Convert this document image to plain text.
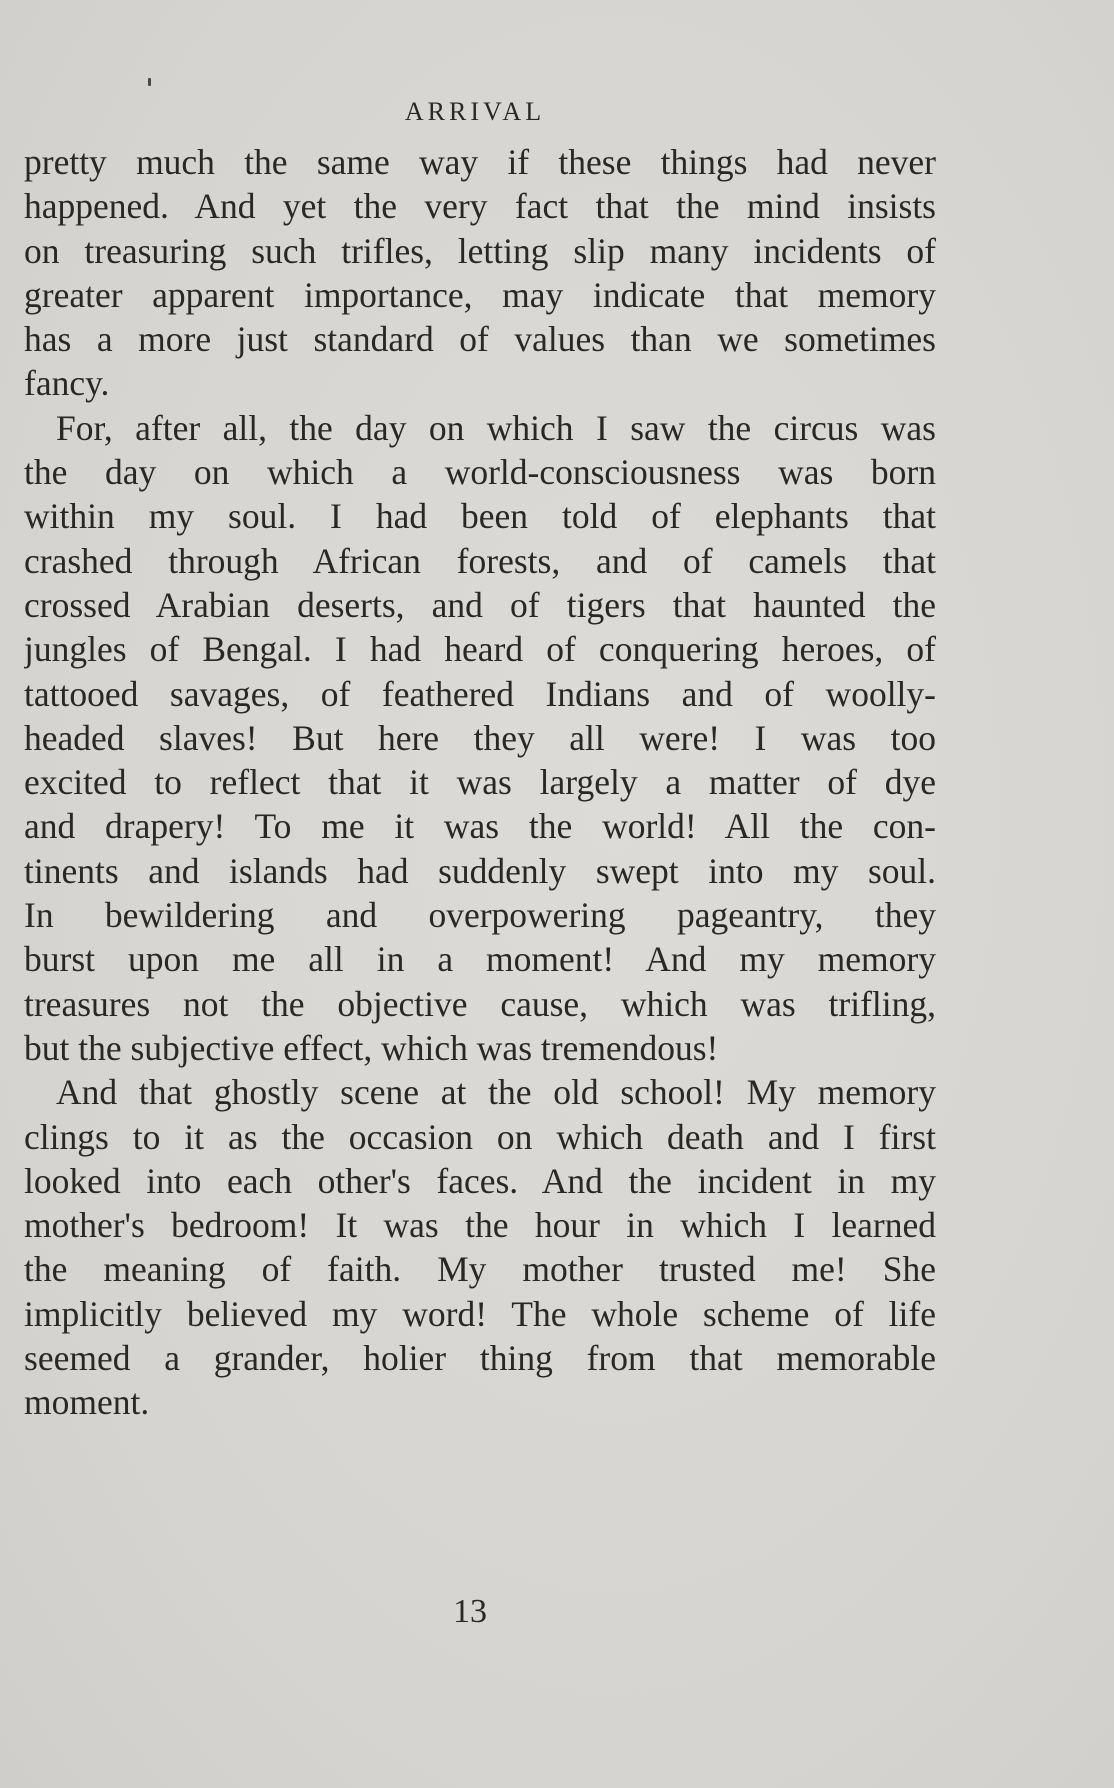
ARRIVAL

pretty much the same way if these things had never
happened. And yet the very fact that the mind insists
on treasuring such trifles, letting slip many incidents of
greater apparent importance, may indicate that memory
has a more just standard of values than we sometimes
fancy.

For, after all, the day on which I saw the circus was
the day on which a world-consciousness was born
within my soul. I had been told of elephants that
crashed through African forests, and of camels that
crossed Arabian deserts, and of tigers that haunted the
jungles of Bengal. I had heard of conquering heroes, of
tattooed savages, of feathered Indians and of woolly-
headed slaves! But here they all were! I was too
excited to reflect that it was largely a matter of dye
and drapery! To me it was the world! All the con-
tinents and islands had suddenly swept into my soul.
In bewildering and overpowering pageantry, they
burst upon me all in a moment! And my memory
treasures not the objective cause, which was trifling,
but the subjective effect, which was tremendous!

And that ghostly scene at the old school! My memory
clings to it as the occasion on which death and I first
looked into each other's faces. And the incident in my
mother's bedroom! It was the hour in which I learned
the meaning of faith. My mother trusted me! She
implicitly believed my word! The whole scheme of life
seemed a grander, holier thing from that memorable
moment.

13
